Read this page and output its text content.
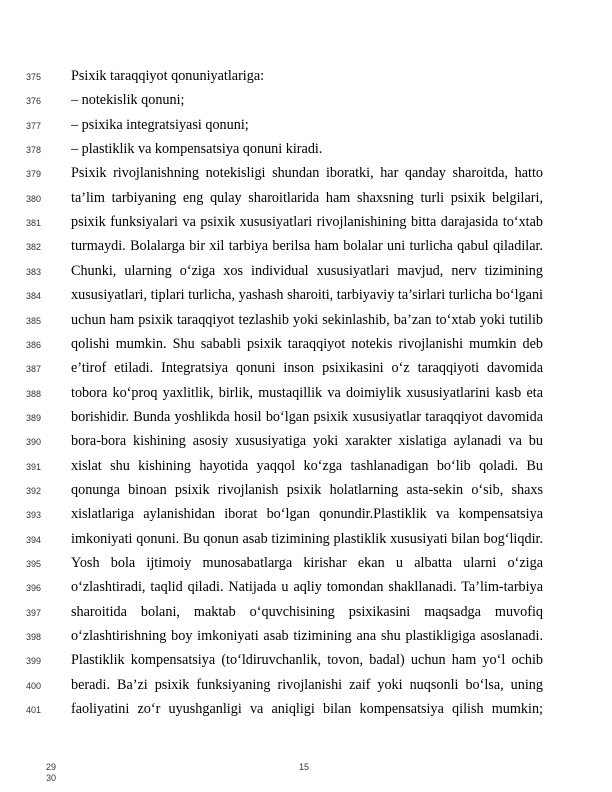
375	Psixik taraqqiyot qonuniyatlariga:
376	– notekislik qonuni;
377	– psixika integratsiyasi qonuni;
378	– plastiklik va kompensatsiya qonuni kiradi.
379	Psixik rivojlanishning notekisligi shundan iboratki, har qanday sharoitda, hatto
380	ta’lim tarbiyaning eng qulay sharoitlarida ham shaxsning turli psixik belgilari,
381	psixik funksiyalari va psixik xususiyatlari rivojlanishining bitta darajasida to‘xtab
382	turmaydi. Bolalarga bir xil tarbiya berilsa ham bolalar uni turlicha qabul qiladilar.
383	Chunki, ularning o‘ziga xos individual xususiyatlari mavjud, nerv tizimining
384	xususiyatlari, tiplari turlicha, yashash sharoiti, tarbiyaviy ta’sirlari turlicha bo‘lgani
385	uchun ham psixik taraqqiyot tezlashib yoki sekinlashib, ba’zan to‘xtab yoki tutilib
386	qolishi mumkin. Shu sababli psixik taraqqiyot notekis rivojlanishi mumkin deb
387	e’tirof etiladi. Integratsiya qonuni inson psixikasini o‘z taraqqiyoti davomida
388	tobora ko‘proq yaxlitlik, birlik, mustaqillik va doimiylik xususiyatlarini kasb eta
389	borishidir. Bunda yoshlikda hosil bo‘lgan psixik xususiyatlar taraqqiyot davomida
390	bora-bora kishining asosiy xususiyatiga yoki xarakter xislatiga aylanadi va bu
391	xislat shu kishining hayotida yaqqol ko‘zga tashlanadigan bo‘lib qoladi. Bu
392	qonunga binoan psixik rivojlanish psixik holatlarning asta-sekin o‘sib, shaxs
393	xislatlariga aylanishidan iborat bo‘lgan qonundir.Plastiklik va kompensatsiya
394	imkoniyati qonuni. Bu qonun asab tizimining plastiklik xususiyati bilan bog‘liqdir.
395	Yosh bola ijtimoiy munosabatlarga kirishar ekan u albatta ularni o‘ziga
396	o‘zlashtiradi, taqlid qiladi. Natijada u aqliy tomondan shakllanadi. Ta’lim-tarbiya
397	sharoitida bolani, maktab o‘quvchisining psixikasini maqsadga muvofiq
398	o‘zlashtirishning boy imkoniyati asab tizimining ana shu plastikligiga asoslanadi.
399	Plastiklik kompensatsiya (to‘ldiruvchanlik, tovon, badal) uchun ham yo‘l ochib
400	beradi. Ba’zi psixik funksiyaning rivojlanishi zaif yoki nuqsonli bo‘lsa, uning
401	faoliyatini zo‘r uyushganligi va aniqligi bilan kompensatsiya qilish mumkin;
29
30
15
